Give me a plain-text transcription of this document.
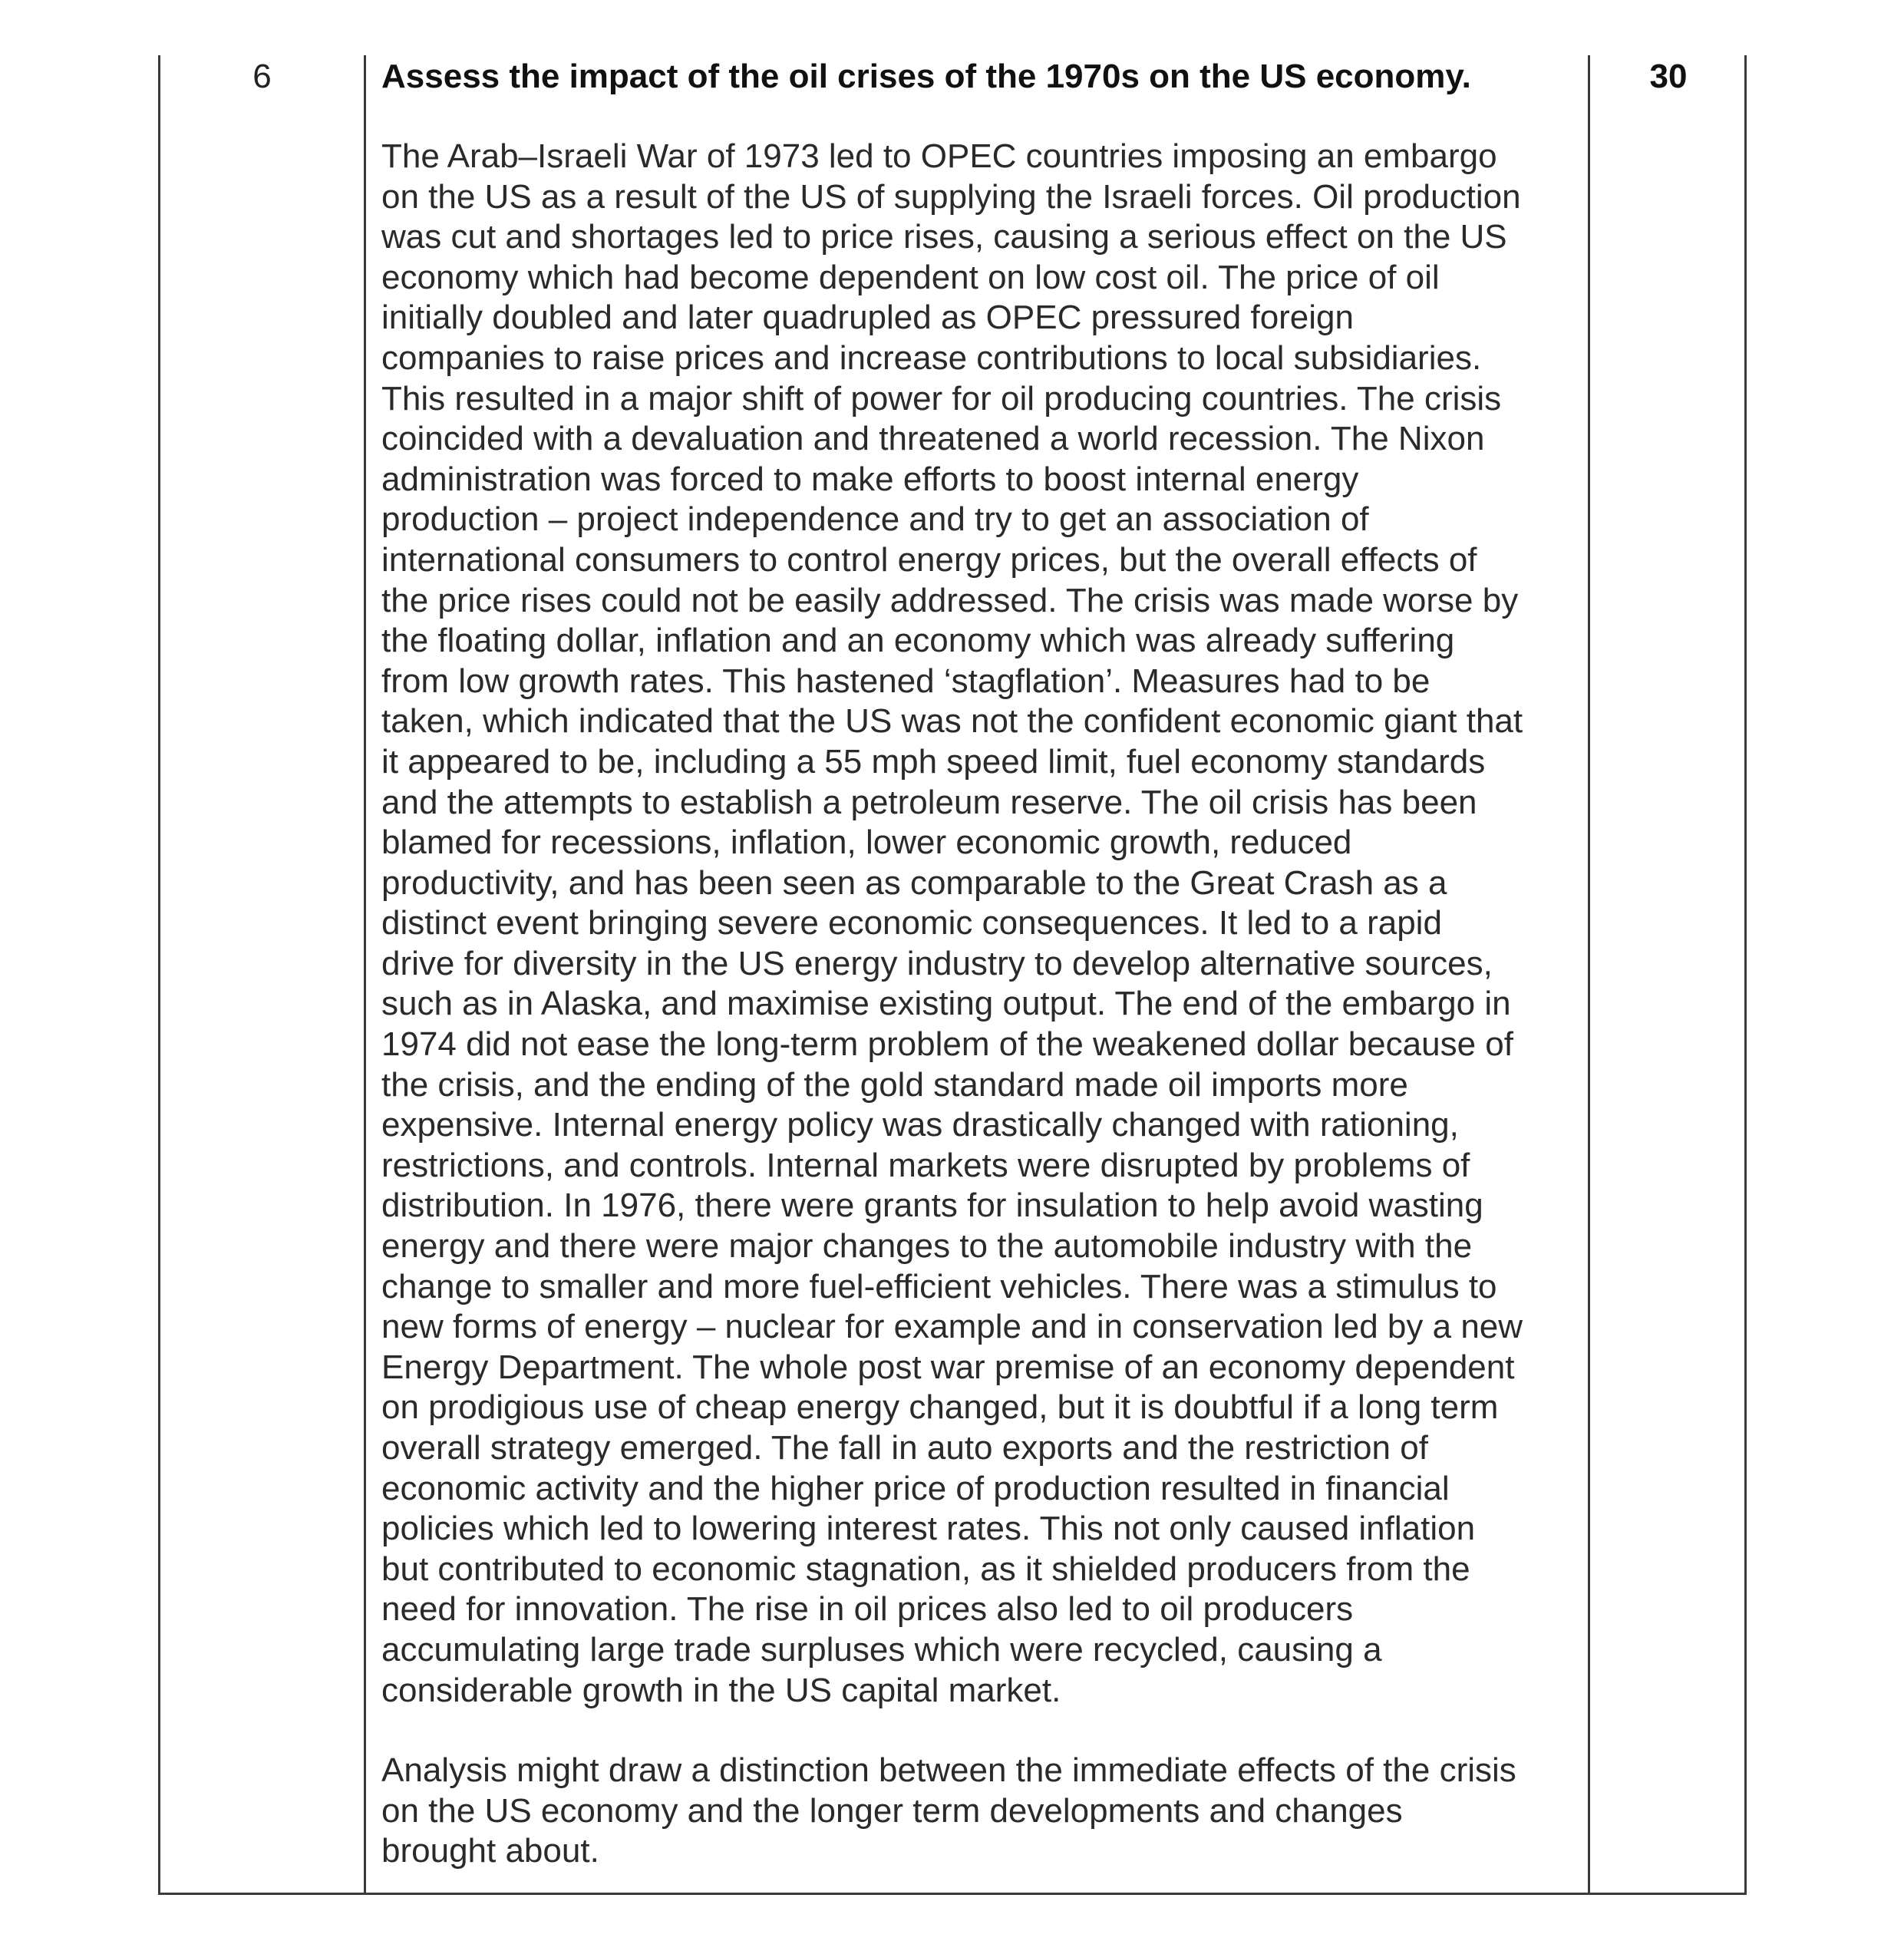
6	Assess the impact of the oil crises of the 1970s on the US economy.

The Arab–Israeli War of 1973 led to OPEC countries imposing an embargo
on the US as a result of the US of supplying the Israeli forces. Oil production
was cut and shortages led to price rises, causing a serious effect on the US
economy which had become dependent on low cost oil. The price of oil
initially doubled and later quadrupled as OPEC pressured foreign
companies to raise prices and increase contributions to local subsidiaries.
This resulted in a major shift of power for oil producing countries. The crisis
coincided with a devaluation and threatened a world recession. The Nixon
administration was forced to make efforts to boost internal energy
production – project independence and try to get an association of
international consumers to control energy prices, but the overall effects of
the price rises could not be easily addressed. The crisis was made worse by
the floating dollar, inflation and an economy which was already suffering
from low growth rates. This hastened ‘stagflation’. Measures had to be
taken, which indicated that the US was not the confident economic giant that
it appeared to be, including a 55 mph speed limit, fuel economy standards
and the attempts to establish a petroleum reserve. The oil crisis has been
blamed for recessions, inflation, lower economic growth, reduced
productivity, and has been seen as comparable to the Great Crash as a
distinct event bringing severe economic consequences. It led to a rapid
drive for diversity in the US energy industry to develop alternative sources,
such as in Alaska, and maximise existing output. The end of the embargo in
1974 did not ease the long-term problem of the weakened dollar because of
the crisis, and the ending of the gold standard made oil imports more
expensive. Internal energy policy was drastically changed with rationing,
restrictions, and controls. Internal markets were disrupted by problems of
distribution. In 1976, there were grants for insulation to help avoid wasting
energy and there were major changes to the automobile industry with the
change to smaller and more fuel-efficient vehicles. There was a stimulus to
new forms of energy – nuclear for example and in conservation led by a new
Energy Department. The whole post war premise of an economy dependent
on prodigious use of cheap energy changed, but it is doubtful if a long term
overall strategy emerged. The fall in auto exports and the restriction of
economic activity and the higher price of production resulted in financial
policies which led to lowering interest rates. This not only caused inflation
but contributed to economic stagnation, as it shielded producers from the
need for innovation. The rise in oil prices also led to oil producers
accumulating large trade surpluses which were recycled, causing a
considerable growth in the US capital market.

Analysis might draw a distinction between the immediate effects of the crisis
on the US economy and the longer term developments and changes
brought about.

30
